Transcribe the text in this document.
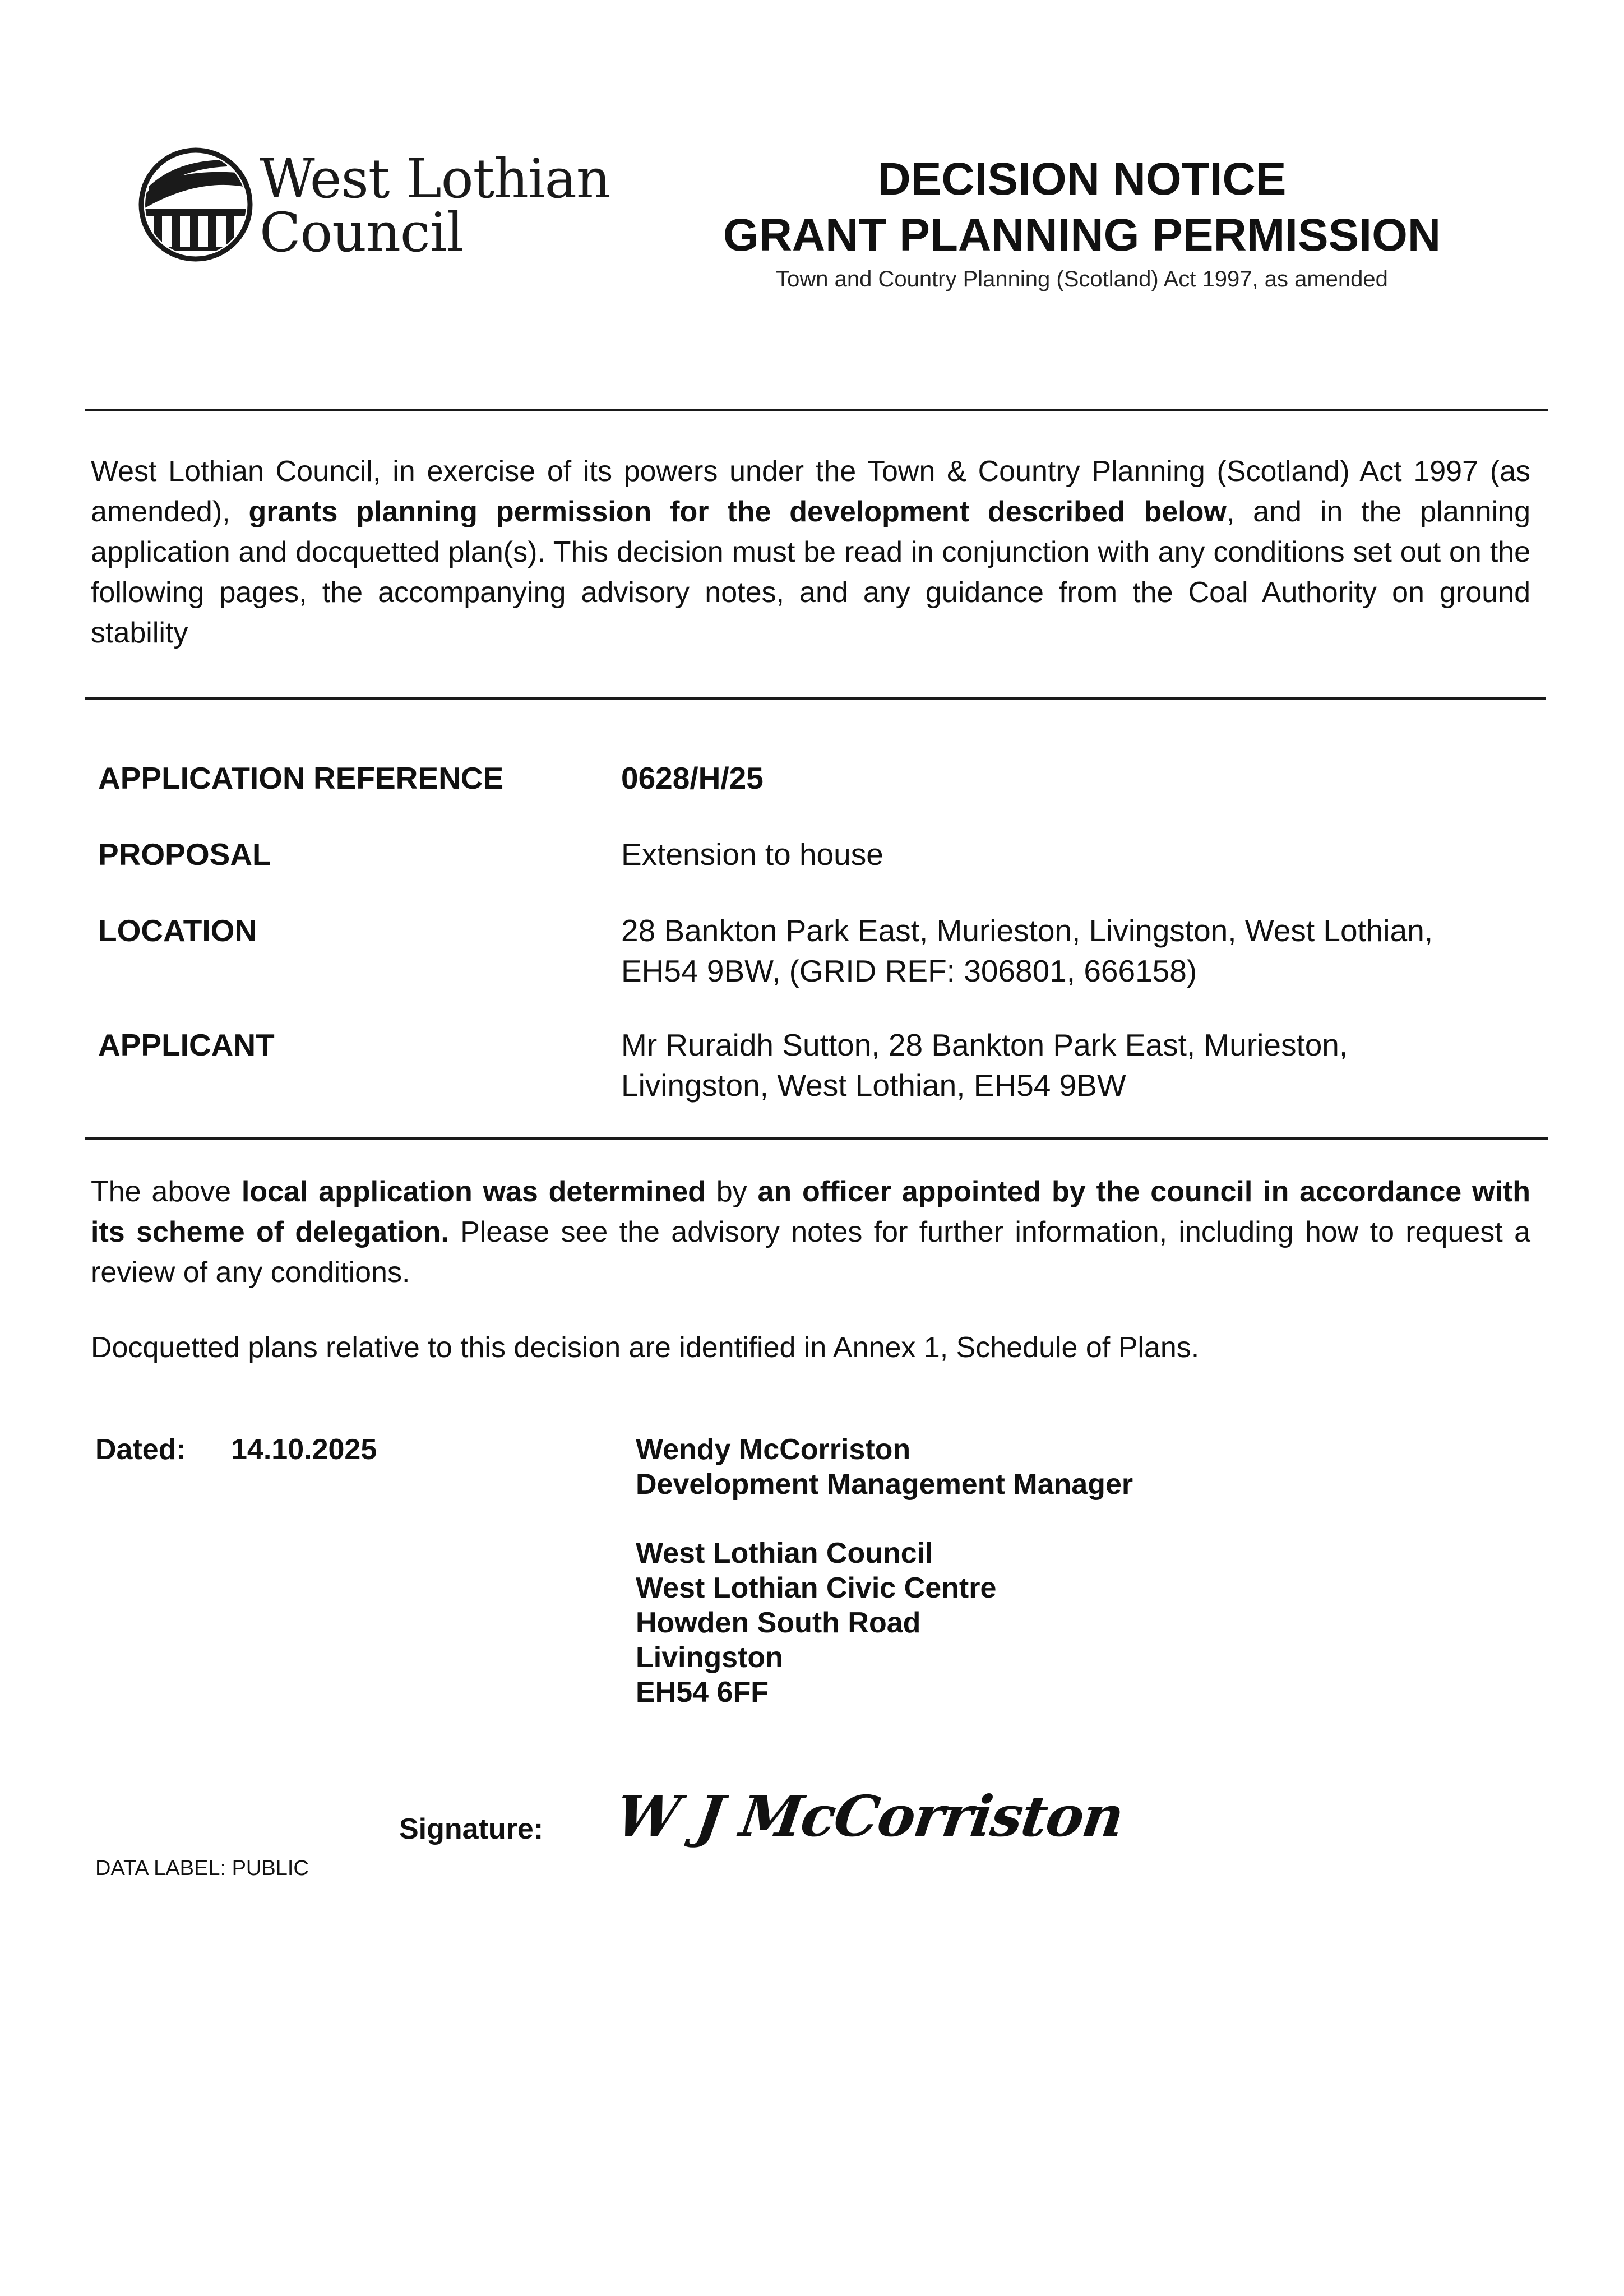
West Lothian
Council
DECISION NOTICE
GRANT PLANNING PERMISSION
Town and Country Planning (Scotland) Act 1997, as amended
West Lothian Council, in exercise of its powers under the Town & Country Planning (Scotland) Act 1997 (as amended), grants planning permission for the development described below, and in the planning application and docquetted plan(s). This decision must be read in conjunction with any conditions set out on the following pages, the accompanying advisory notes, and any guidance from the Coal Authority on ground stability
APPLICATION REFERENCE	0628/H/25
PROPOSAL	Extension to house
LOCATION	28 Bankton Park East, Murieston, Livingston, West Lothian,
EH54 9BW, (GRID REF: 306801, 666158)
APPLICANT	Mr Ruraidh Sutton, 28 Bankton Park East, Murieston,
Livingston, West Lothian, EH54 9BW
The above local application was determined by an officer appointed by the council in accordance with its scheme of delegation. Please see the advisory notes for further information, including how to request a review of any conditions.
Docquetted plans relative to this decision are identified in Annex 1, Schedule of Plans.
Dated: 14.10.2025	Wendy McCorriston
Development Management Manager
West Lothian Council
West Lothian Civic Centre
Howden South Road
Livingston
EH54 6FF
Signature: W J McCorriston
DATA LABEL: PUBLIC
